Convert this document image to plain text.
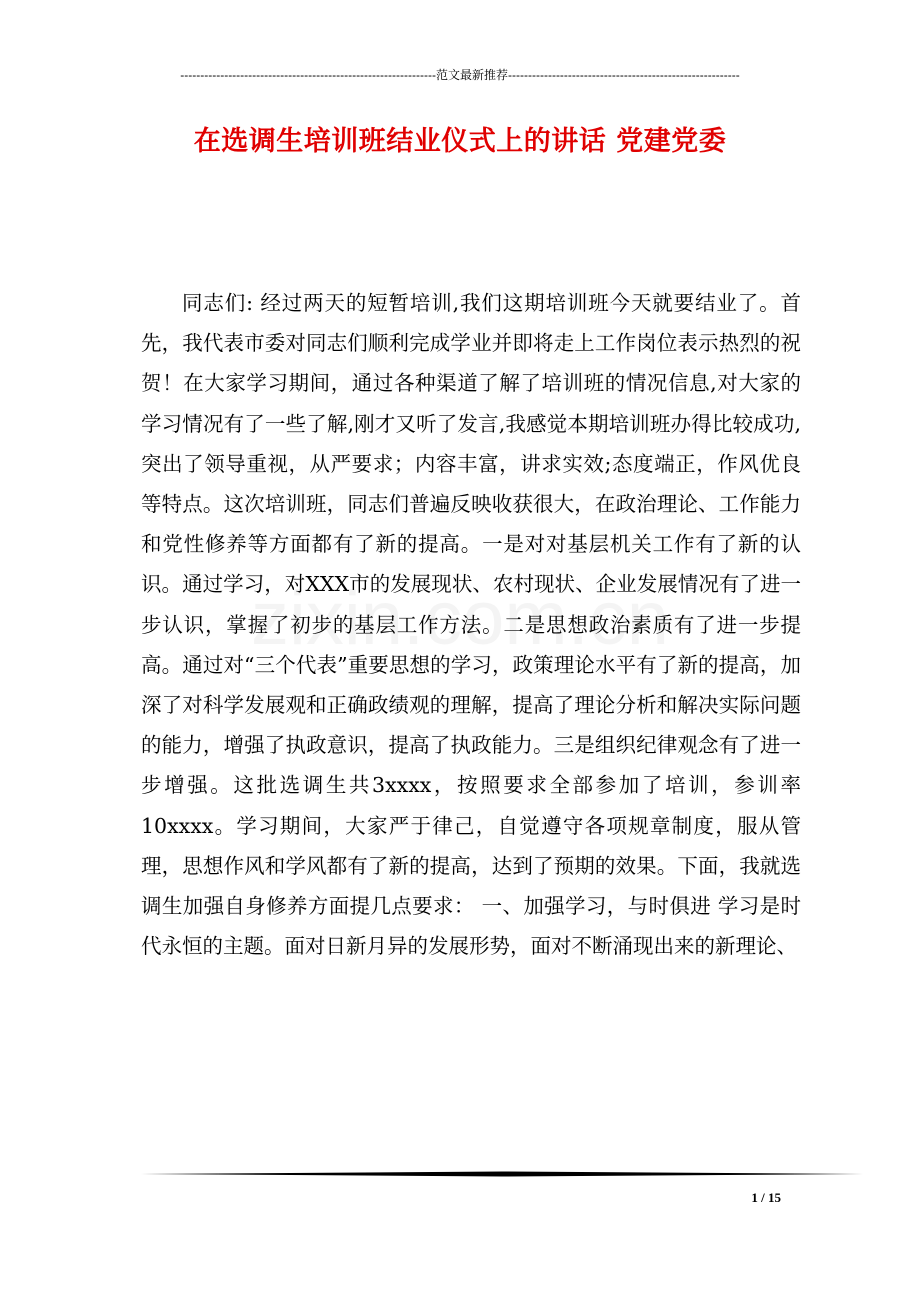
----------------------------------------------------------------范文最新推荐----------------------------------------------------------
在选调生培训班结业仪式上的讲话 党建党委

同志们: 经过两天的短暂培训,我们这期培训班今天就要结业了。首先，我代表市委对同志们顺利完成学业并即将走上工作岗位表示热烈的祝贺！在大家学习期间，通过各种渠道了解了培训班的情况信息,对大家的学习情况有了一些了解,刚才又听了发言,我感觉本期培训班办得比较成功,突出了领导重视，从严要求；内容丰富，讲求实效;态度端正，作风优良等特点。这次培训班，同志们普遍反映收获很大，在政治理论、工作能力和党性修养等方面都有了新的提高。一是对对基层机关工作有了新的认识。通过学习，对XXX市的发展现状、农村现状、企业发展情况有了进一步认识，掌握了初步的基层工作方法。二是思想政治素质有了进一步提高。通过对“三个代表”重要思想的学习，政策理论水平有了新的提高，加深了对科学发展观和正确政绩观的理解，提高了理论分析和解决实际问题的能力，增强了执政意识，提高了执政能力。三是组织纪律观念有了进一步增强。这批选调生共3xxxx，按照要求全部参加了培训，参训率10xxxx。学习期间，大家严于律己，自觉遵守各项规章制度，服从管理，思想作风和学风都有了新的提高，达到了预期的效果。下面，我就选调生加强自身修养方面提几点要求： 一、加强学习，与时俱进 学习是时代永恒的主题。面对日新月异的发展形势，面对不断涌现出来的新理论、

1 / 15
